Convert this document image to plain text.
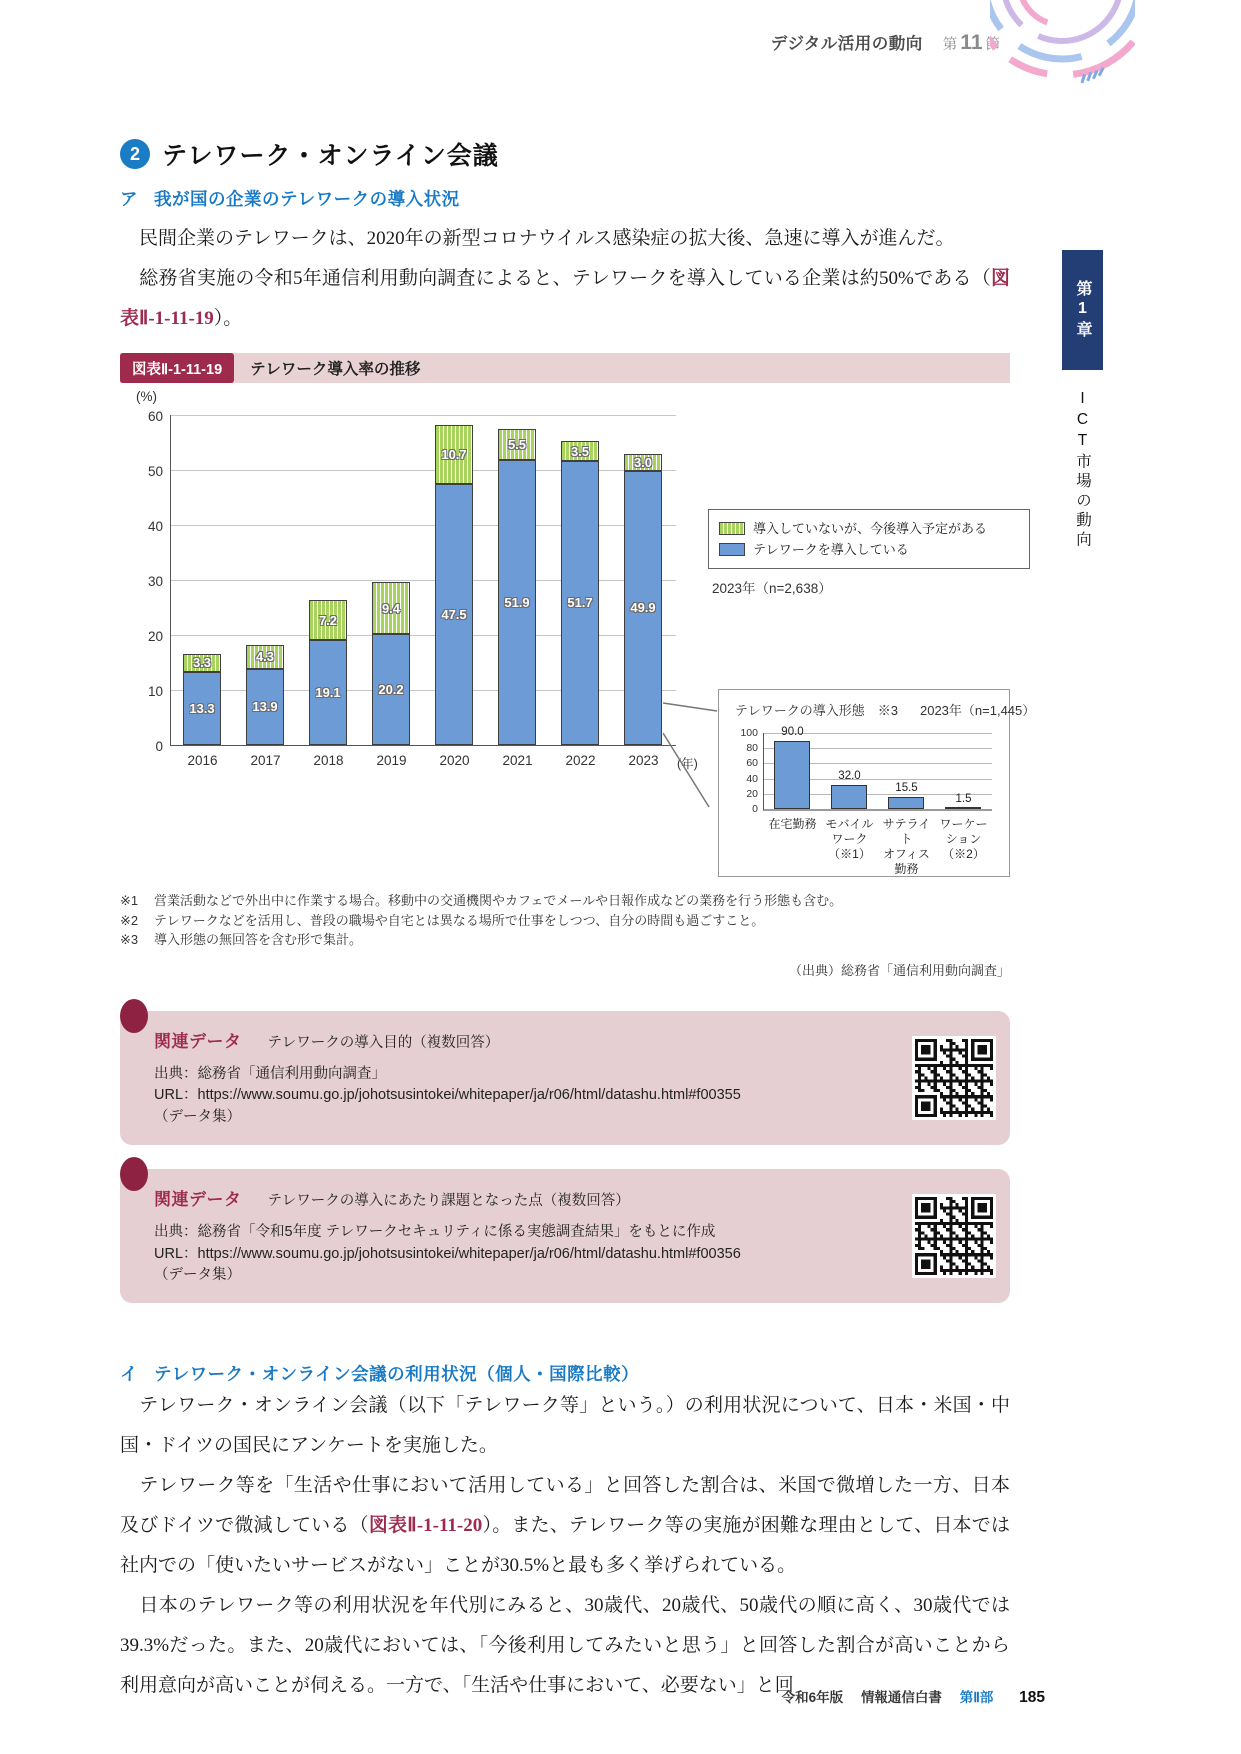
デジタル活用の動向 第 11 節
第1章
ICT市場の動向
2 テレワーク・オンライン会議
ア 我が国の企業のテレワークの導入状況

　民間企業のテレワークは、2020年の新型コロナウイルス感染症の拡大後、急速に導入が進んだ。

　総務省実施の令和5年通信利用動向調査によると、テレワークを導入している企業は約50%である（図表Ⅱ-1-11-19）。

図表Ⅱ-1-11-19	テレワーク導入率の推移
(%)
0
10
20
30
40
50
60
13.3
3.3
2016
13.9
4.3
2017
19.1
7.2
2018
20.2
9.4
2019
47.5
10.7
2020
51.9
5.5
2021
51.7
3.5
2022
49.9
3.0
2023	(年)
導入していないが、今後導入予定がある
テレワークを導入している
2023年（n=2,638）
テレワークの導入形態　※3 2023年（n=1,445）
0
20
40
60
80
100	90.0
在宅勤務
32.0
モバイル
ワーク
（※1）
15.5
サテライト
オフィス
勤務
1.5
ワーケー
ション
（※2）
※1	営業活動などで外出中に作業する場合。移動中の交通機関やカフェでメールや日報作成などの業務を行う形態も含む。
※2	テレワークなどを活用し、普段の職場や自宅とは異なる場所で仕事をしつつ、自分の時間も過ごすこと。
※3	導入形態の無回答を含む形で集計。
（出典）総務省「通信利用動向調査」
関連データ テレワークの導入目的（複数回答）
出典：総務省「通信利用動向調査」
URL：https://www.soumu.go.jp/johotsusintokei/whitepaper/ja/r06/html/datashu.html#f00355
（データ集）
関連データ テレワークの導入にあたり課題となった点（複数回答）
出典：総務省「令和5年度 テレワークセキュリティに係る実態調査結果」をもとに作成
URL：https://www.soumu.go.jp/johotsusintokei/whitepaper/ja/r06/html/datashu.html#f00356
（データ集）
イ テレワーク・オンライン会議の利用状況（個人・国際比較）

　テレワーク・オンライン会議（以下「テレワーク等」という。）の利用状況について、日本・米国・中国・ドイツの国民にアンケートを実施した。

　テレワーク等を「生活や仕事において活用している」と回答した割合は、米国で微増した一方、日本及びドイツで微減している（図表Ⅱ-1-11-20）。また、テレワーク等の実施が困難な理由として、日本では社内での「使いたいサービスがない」ことが30.5%と最も多く挙げられている。

　日本のテレワーク等の利用状況を年代別にみると、30歳代、20歳代、50歳代の順に高く、30歳代では39.3%だった。また、20歳代においては、「今後利用してみたいと思う」と回答した割合が高いことから利用意向が高いことが伺える。一方で、「生活や仕事において、必要ない」と回

令和6年版 情報通信白書 第Ⅱ部 185
